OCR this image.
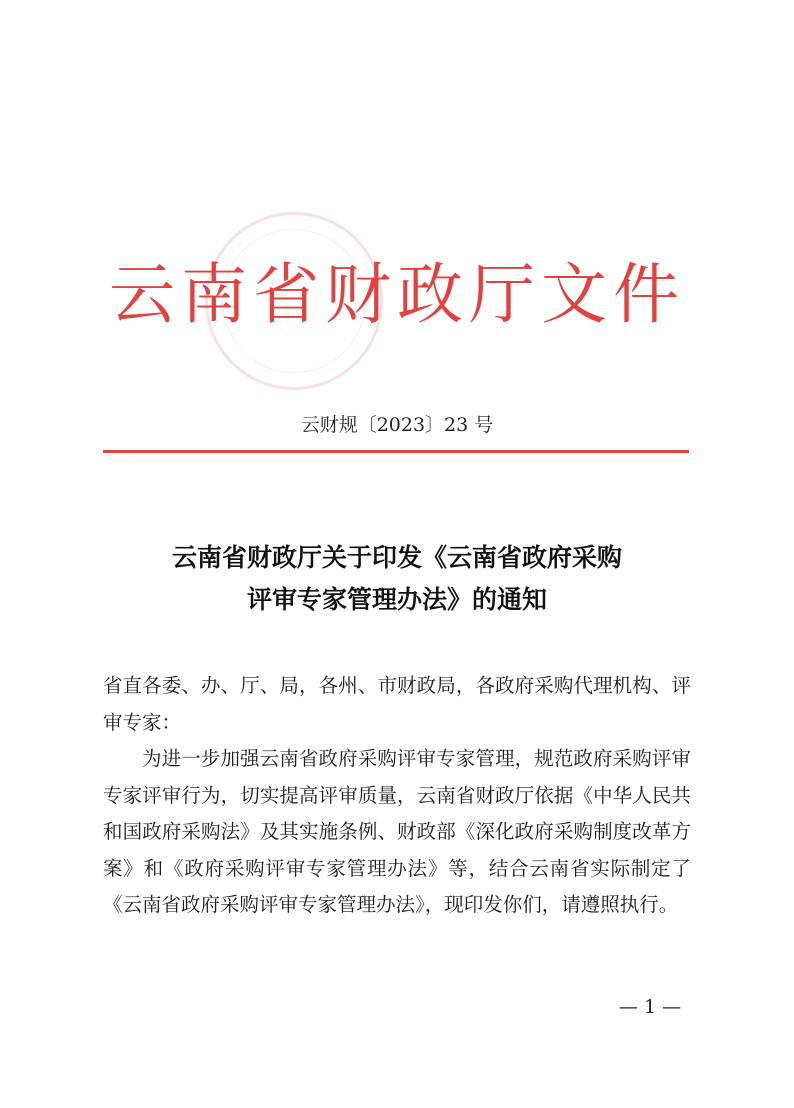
云南省财政厅文件
云财规〔2023〕23 号
云南省财政厅关于印发《云南省政府采购
评审专家管理办法》的通知

省直各委、办、厅、局，各州、市财政局，各政府采购代理机构、评审专家：

为进一步加强云南省政府采购评审专家管理，规范政府采购评审专家评审行为，切实提高评审质量，云南省财政厅依据《中华人民共和国政府采购法》及其实施条例、财政部《深化政府采购制度改革方案》和《政府采购评审专家管理办法》等，结合云南省实际制定了《云南省政府采购评审专家管理办法》，现印发你们，请遵照执行。

— 1 —
